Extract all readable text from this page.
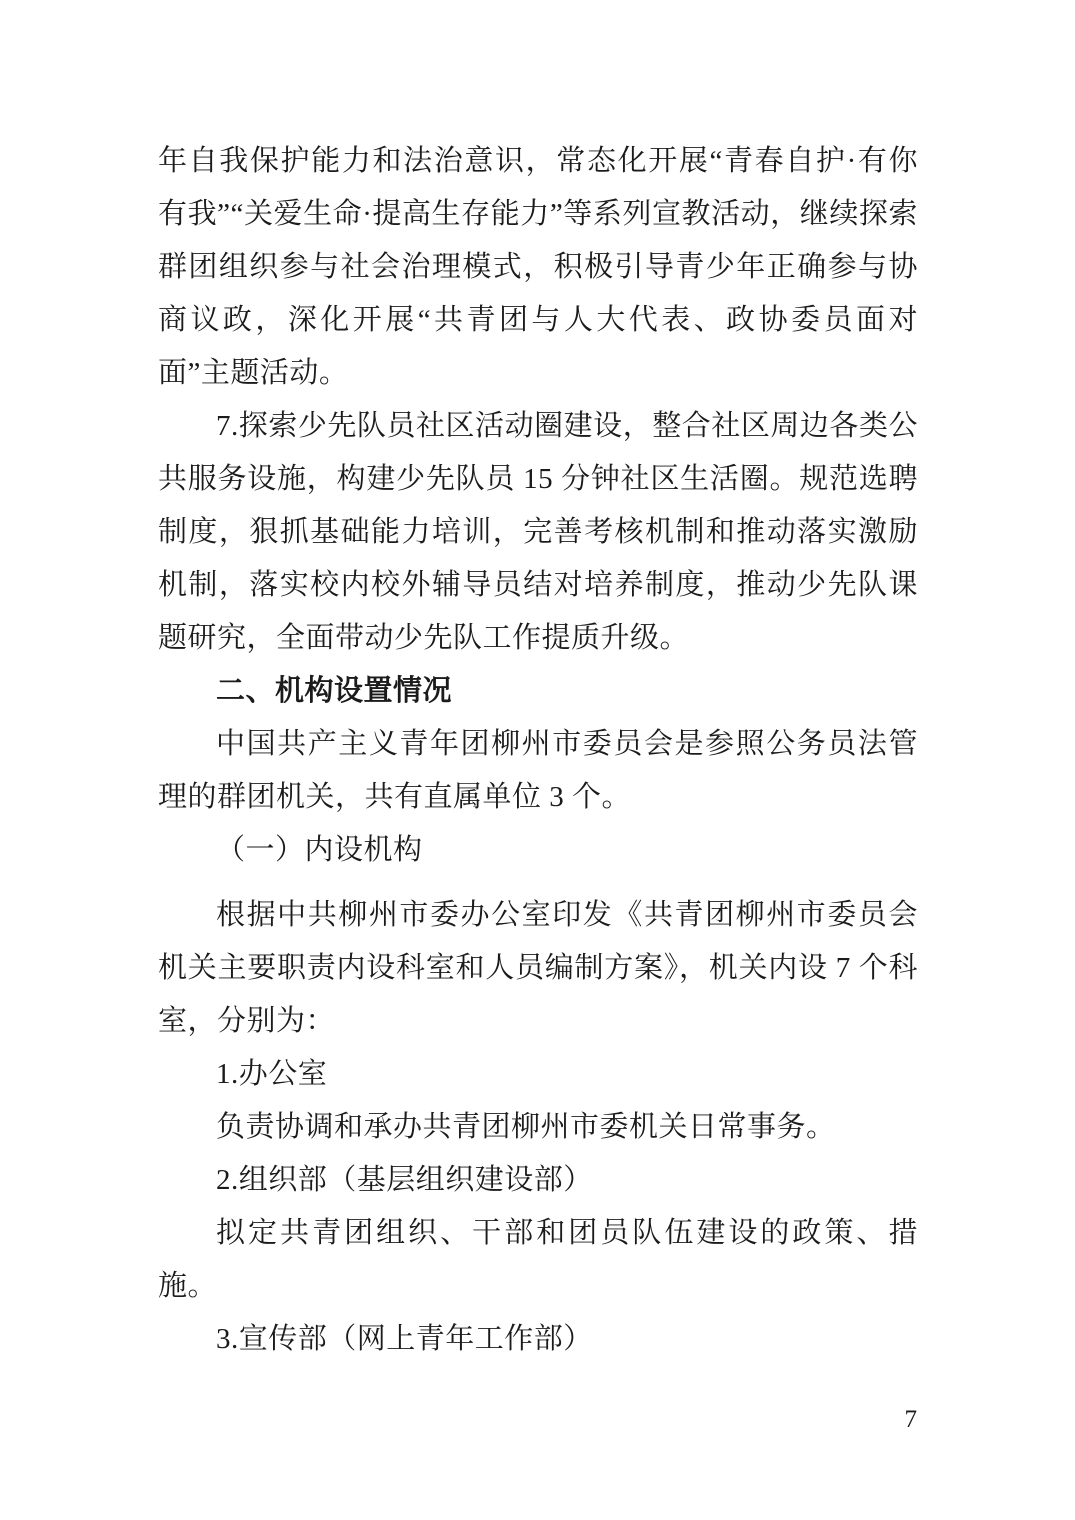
年自我保护能力和法治意识，常态化开展“青春自护·有你有我”“关爱生命·提高生存能力”等系列宣教活动，继续探索群团组织参与社会治理模式，积极引导青少年正确参与协商议政，深化开展“共青团与人大代表、政协委员面对面”主题活动。

7.探索少先队员社区活动圈建设，整合社区周边各类公共服务设施，构建少先队员 15 分钟社区生活圈。规范选聘制度，狠抓基础能力培训，完善考核机制和推动落实激励机制，落实校内校外辅导员结对培养制度，推动少先队课题研究，全面带动少先队工作提质升级。

二、机构设置情况

中国共产主义青年团柳州市委员会是参照公务员法管理的群团机关，共有直属单位 3 个。

（一）内设机构

根据中共柳州市委办公室印发《共青团柳州市委员会机关主要职责内设科室和人员编制方案》，机关内设 7 个科室，分别为：

1.办公室

负责协调和承办共青团柳州市委机关日常事务。

2.组织部（基层组织建设部）

拟定共青团组织、干部和团员队伍建设的政策、措施。

3.宣传部（网上青年工作部）

7
